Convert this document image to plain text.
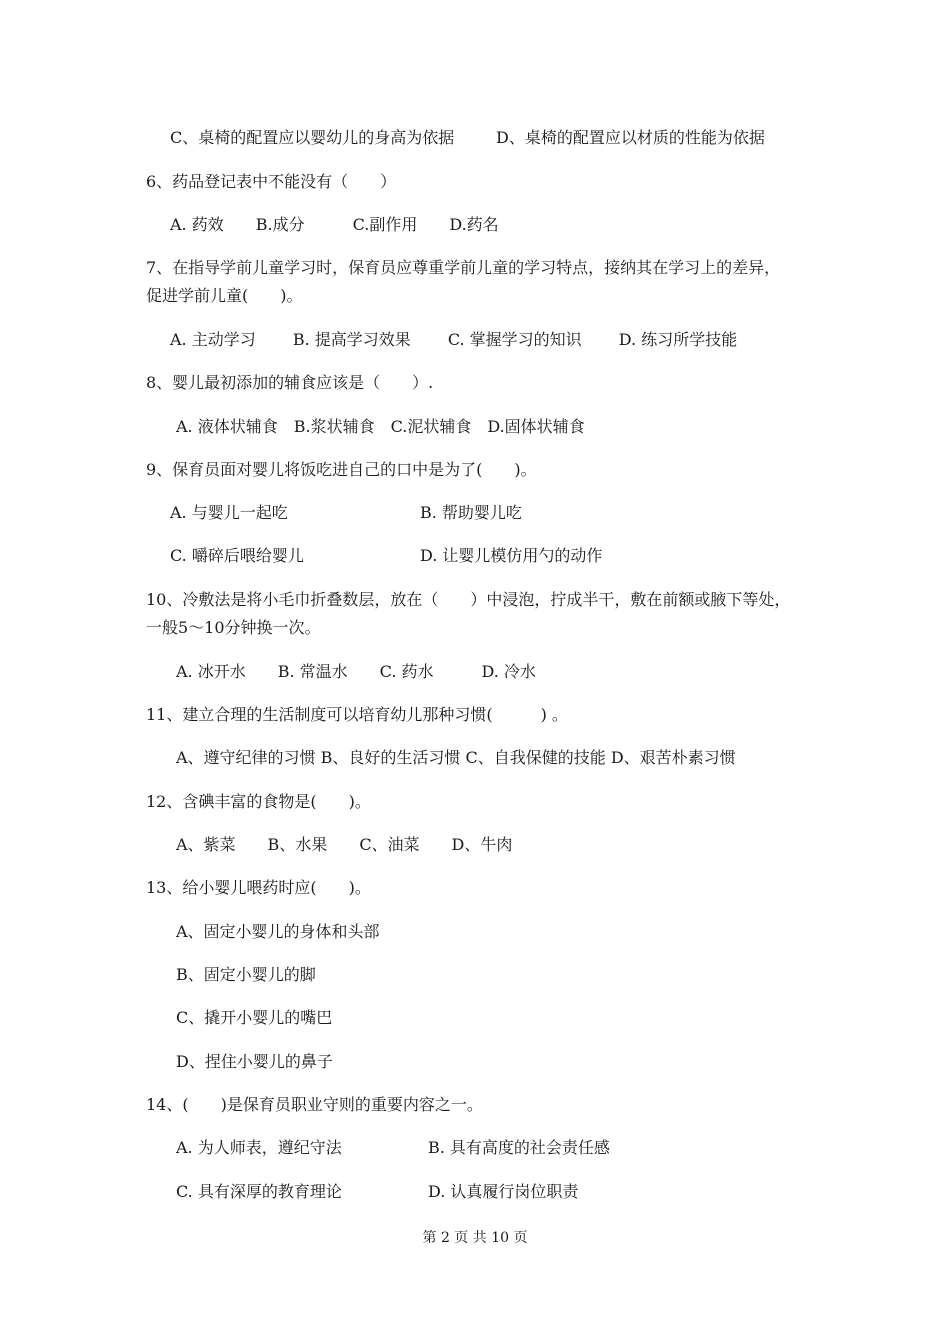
C、桌椅的配置应以婴幼儿的身高为依据	D、桌椅的配置应以材质的性能为依据

6、药品登记表中不能没有（　　）

A. 药效　　B.成分　　　C.副作用　　D.药名

7、在指导学前儿童学习时，保育员应尊重学前儿童的学习特点，接纳其在学习上的差异，

促进学前儿童(　　)。

A. 主动学习　　 B. 提高学习效果　　 C. 掌握学习的知识　　 D. 练习所学技能

8、婴儿最初添加的辅食应该是（　　）.

A. 液体状辅食　B.浆状辅食　C.泥状辅食　D.固体状辅食

9、保育员面对婴儿将饭吃进自己的口中是为了(　　)。

A. 与婴儿一起吃	B. 帮助婴儿吃

C. 嚼碎后喂给婴儿	D. 让婴儿模仿用勺的动作

10、冷敷法是将小毛巾折叠数层，放在（　　）中浸泡，拧成半干，敷在前额或腋下等处，

一般5～10分钟换一次。

A. 冰开水　　B. 常温水　　C. 药水　　　D. 冷水

11、建立合理的生活制度可以培育幼儿那种习惯(　　　) 。

A、遵守纪律的习惯 B、良好的生活习惯 C、自我保健的技能 D、艰苦朴素习惯

12、含碘丰富的食物是(　　)。

A、紫菜　　B、水果　　C、油菜　　D、牛肉

13、给小婴儿喂药时应(　　)。

A、固定小婴儿的身体和头部

B、固定小婴儿的脚

C、撬开小婴儿的嘴巴

D、捏住小婴儿的鼻子

14、(　　)是保育员职业守则的重要内容之一。

A. 为人师表，遵纪守法	B. 具有高度的社会责任感

C. 具有深厚的教育理论	D. 认真履行岗位职责

第 2 页 共 10 页
